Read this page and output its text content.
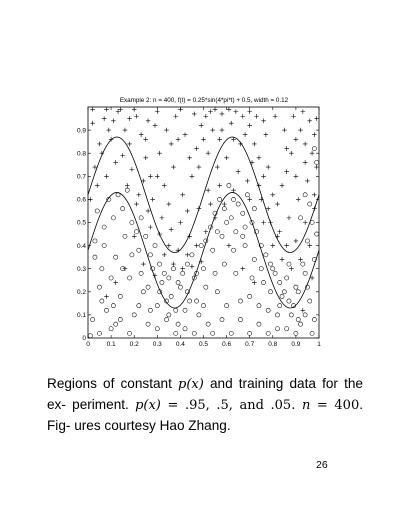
Example 2: n = 400, f(t) = 0.25*sin(4*pi*t) + 0.5, width = 0.12
0	0.1 0.2 0.3 0.4 0.5 0.6 0.7 0.8 0.9	1
0
0.1
0.2
0.3
0.4
0.5
0.6
0.7
0.8
0.9

Regions of constant p(x) and training data for the ex- periment. p(x) = .95, .5, and .05. n = 400. Fig- ures courtesy Hao Zhang.

26
